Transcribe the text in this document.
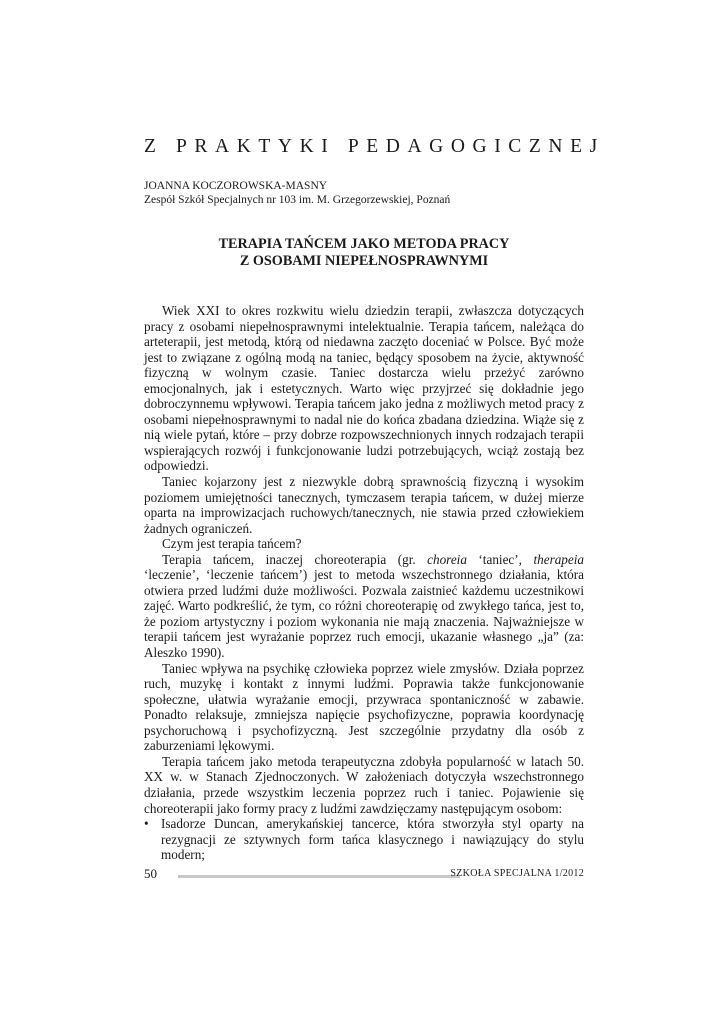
Z PRAKTYKI PEDAGOGICZNEJ
JOANNA KOCZOROWSKA-MASNY
Zespół Szkół Specjalnych nr 103 im. M. Grzegorzewskiej, Poznań
TERAPIA TAŃCEM JAKO METODA PRACY
Z OSOBAMI NIEPEŁNOSPRAWNYMI

Wiek XXI to okres rozkwitu wielu dziedzin terapii, zwłaszcza dotyczących pracy z osobami niepełnosprawnymi intelektualnie. Terapia tańcem, należąca do arteterapii, jest metodą, którą od niedawna zaczęto doceniać w Polsce. Być może jest to związane z ogólną modą na taniec, będący sposobem na życie, aktywność fizyczną w wolnym czasie. Taniec dostarcza wielu przeżyć zarówno emocjonalnych, jak i estetycznych. Warto więc przyjrzeć się dokładnie jego dobroczynnemu wpływowi. Terapia tańcem jako jedna z możliwych metod pracy z osobami niepełnosprawnymi to nadal nie do końca zbadana dziedzina. Wiąże się z nią wiele pytań, które – przy dobrze rozpowszechnionych innych rodzajach terapii wspierających rozwój i funkcjonowanie ludzi potrzebujących, wciąż zostają bez odpowiedzi.

Taniec kojarzony jest z niezwykle dobrą sprawnością fizyczną i wysokim poziomem umiejętności tanecznych, tymczasem terapia tańcem, w dużej mierze oparta na improwizacjach ruchowych/tanecznych, nie stawia przed człowiekiem żadnych ograniczeń.

Czym jest terapia tańcem?

Terapia tańcem, inaczej choreoterapia (gr. choreia ‘taniec’, therapeia ‘leczenie’, ‘leczenie tańcem’) jest to metoda wszechstronnego działania, która otwiera przed ludźmi duże możliwości. Pozwala zaistnieć każdemu uczestnikowi zajęć. Warto podkreślić, że tym, co różni choreoterapię od zwykłego tańca, jest to, że poziom artystyczny i poziom wykonania nie mają znaczenia. Najważniejsze w terapii tańcem jest wyrażanie poprzez ruch emocji, ukazanie własnego „ja” (za: Aleszko 1990).

Taniec wpływa na psychikę człowieka poprzez wiele zmysłów. Działa poprzez ruch, muzykę i kontakt z innymi ludźmi. Poprawia także funkcjonowanie społeczne, ułatwia wyrażanie emocji, przywraca spontaniczność w zabawie. Ponadto relaksuje, zmniejsza napięcie psychofizyczne, poprawia koordynację psychoruchową i psychofizyczną. Jest szczególnie przydatny dla osób z zaburzeniami lękowymi.

Terapia tańcem jako metoda terapeutyczna zdobyła popularność w latach 50. XX w. w Stanach Zjednoczonych. W założeniach dotyczyła wszechstronnego działania, przede wszystkim leczenia poprzez ruch i taniec. Pojawienie się choreoterapii jako formy pracy z ludźmi zawdzięczamy następującym osobom:

• Isadorze Duncan, amerykańskiej tancerce, która stworzyła styl oparty na rezygnacji ze sztywnych form tańca klasycznego i nawiązujący do stylu modern;
50	SZKOŁA SPECJALNA 1/2012
